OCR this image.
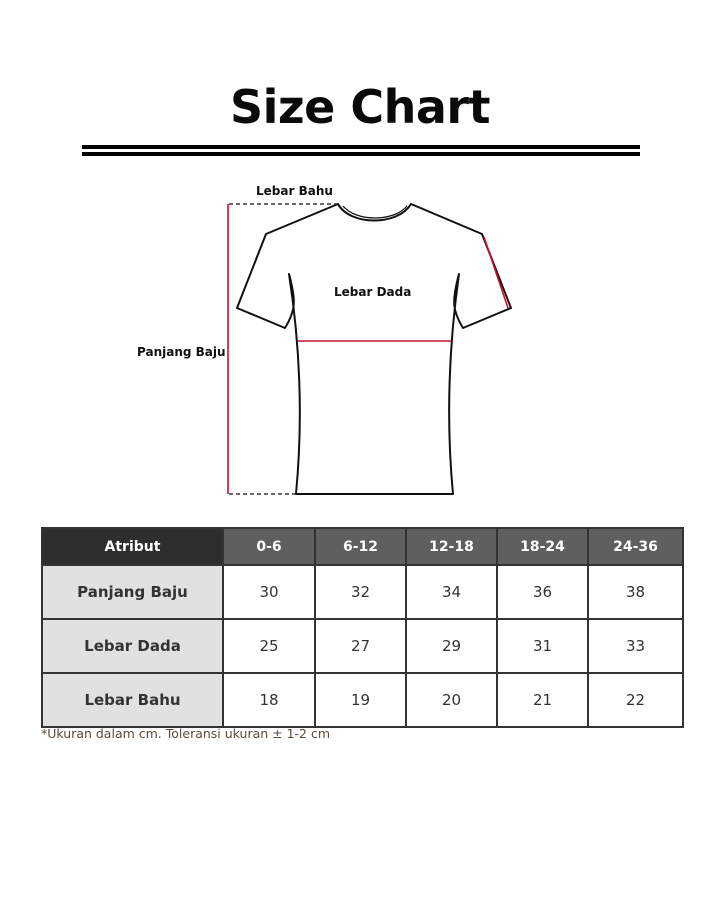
Size Chart
Lebar Bahu
Lebar Dada
Panjang Baju
Atribut	0-6	6-12	12-18	18-24	24-36
Panjang Baju	30	32	34	36	38
Lebar Dada	25	27	29	31	33
Lebar Bahu	18	19	20	21	22
*Ukuran dalam cm. Toleransi ukuran ± 1-2 cm
